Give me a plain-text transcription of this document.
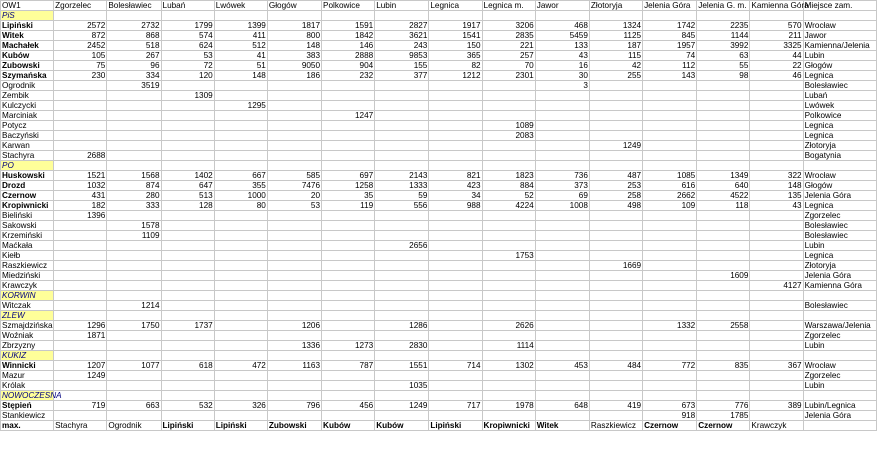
OW1	Zgorzelec	Bolesławiec	Lubań	Lwówek	Głogów	Polkowice	Lubin	Legnica	Legnica m.	Jawor	Złotoryja	Jelenia Góra	Jelenia G. m.	Kamienna Góra	Miejsce zam.
PiS															
Lipiński	2572	2732	1799	1399	1817	1591	2827	1917	3206	468	1324	1742	2235	570	Wrocław
Witek	872	868	574	411	800	1842	3621	1541	2835	5459	1125	845	1144	211	Jawor
Machałek	2452	518	624	512	148	146	243	150	221	133	187	1957	3992	3325	Kamienna/Jelenia
Kubów	105	267	53	41	383	2888	9853	365	257	43	115	74	63	44	Lubin
Zubowski	75	96	72	51	9050	904	155	82	70	16	42	112	55	22	Głogów
Szymańska	230	334	120	148	186	232	377	1212	2301	30	255	143	98	46	Legnica
Ogrodnik		3519								3					Bolesławiec
Zembik			1309												Lubań
Kulczycki				1295											Lwówek
Marciniak						1247									Polkowice
Potycz									1089						Legnica
Baczyński									2083						Legnica
Karwan											1249				Złotoryja
Stachyra	2688														Bogatynia
PO															
Huskowski	1521	1568	1402	667	585	697	2143	821	1823	736	487	1085	1349	322	Wrocław
Drozd	1032	874	647	355	7476	1258	1333	423	884	373	253	616	640	148	Głogów
Czernow	431	280	513	1000	20	35	59	34	52	69	258	2662	4522	135	Jelenia Góra
Kropiwnicki	182	333	128	80	53	119	556	988	4224	1008	498	109	118	43	Legnica
Bieliński	1396														Zgorzelec
Sakowski		1578													Bolesławiec
Krzemiński		1109													Bolesławiec
Maćkała							2656								Lubin
Kiełb									1753						Legnica
Raszkiewicz											1669				Złotoryja
Miedziński													1609		Jelenia Góra
Krawczyk														4127	Kamienna Góra
KORWIN															
Witczak		1214													Bolesławiec
ZLEW															
Szmajdzińska	1296	1750	1737		1206		1286		2626			1332	2558		Warszawa/Jelenia
Woźniak	1871														Zgorzelec
Zbrzyzny					1336	1273	2830		1114						Lubin
KUKIZ															
Winnicki	1207	1077	618	472	1163	787	1551	714	1302	453	484	772	835	367	Wrocław
Mazur	1249														Zgorzelec
Królak							1035								Lubin
NOWOCZESNA															
Stępień	719	663	532	326	796	456	1249	717	1978	648	419	673	776	389	Lubin/Legnica
Stankiewicz												918	1785		Jelenia Góra
max.	Stachyra	Ogrodnik	Lipiński	Lipiński	Zubowski	Kubów	Kubów	Lipiński	Kropiwnicki	Witek	Raszkiewicz	Czernow	Czernow	Krawczyk	
